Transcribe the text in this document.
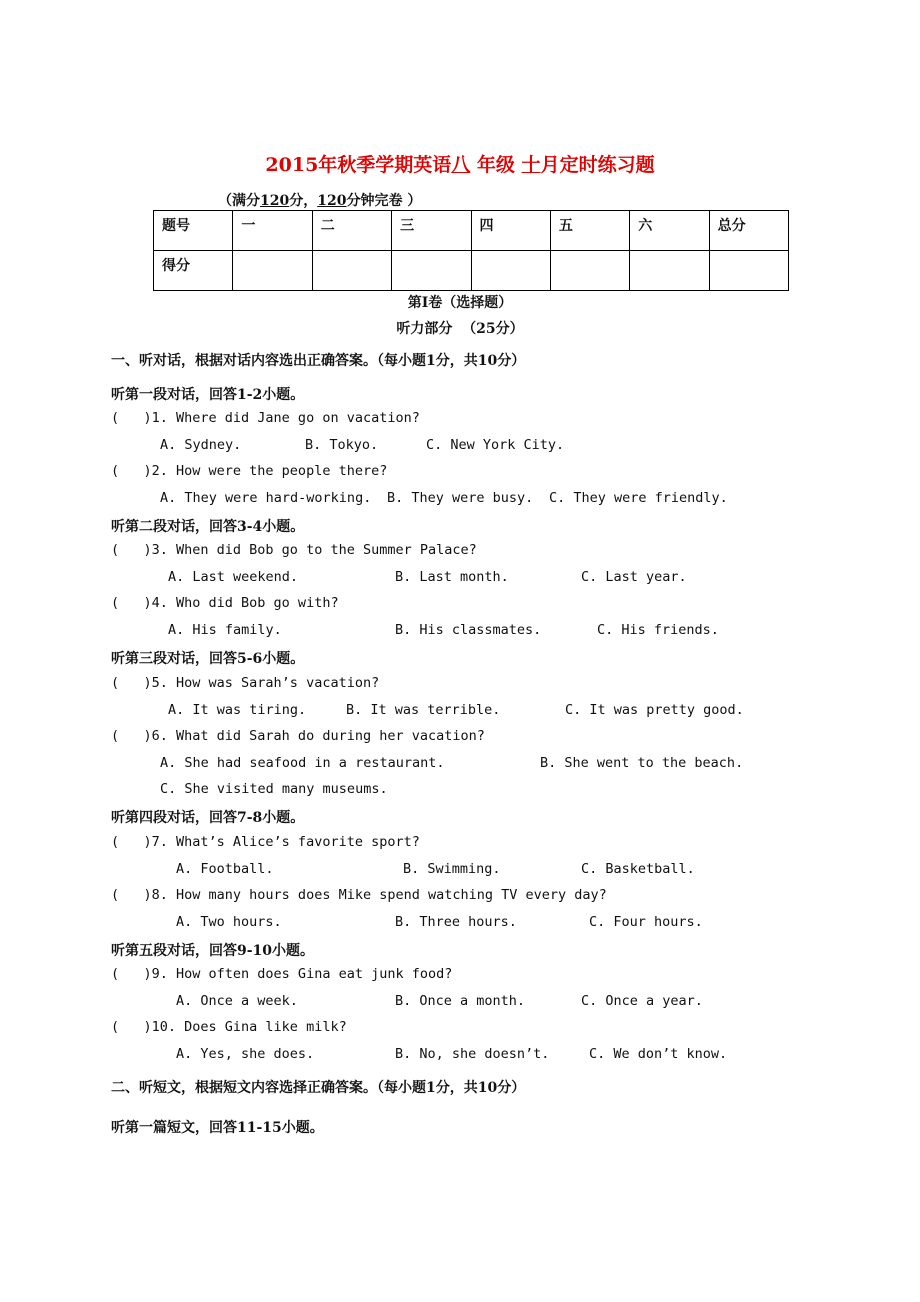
2015年秋季学期英语八 年级 十月定时练习题
（满分120分，120分钟完卷 ）
题号	一	二	三	四	五	六	总分
得分							
第Ⅰ卷（选择题）
听力部分  （25分）
一、听对话，根据对话内容选出正确答案。（每小题1分，共10分）
听第一段对话，回答1-2小题。
(   )1. Where did Jane go on vacation?
A. Sydney.	B. Tokyo.	C. New York City.
(   )2. How were the people there?
A. They were hard-working. B. They were busy. C. They were friendly.
听第二段对话，回答3-4小题。
(   )3. When did Bob go to the Summer Palace?
A. Last weekend.	B. Last month.	C. Last year.
(   )4. Who did Bob go with?
A. His family.	B. His classmates.	C. His friends.
听第三段对话，回答5-6小题。
(   )5. How was Sarah’s vacation?
A. It was tiring.	B. It was terrible.	C. It was pretty good.
(   )6. What did Sarah do during her vacation?
A. She had seafood in a restaurant.	B. She went to the beach.
C. She visited many museums.
听第四段对话，回答7-8小题。
(   )7. What’s Alice’s favorite sport?
A. Football.	B. Swimming.	C. Basketball.
(   )8. How many hours does Mike spend watching TV every day?
A. Two hours.	B. Three hours.	C. Four hours.
听第五段对话，回答9-10小题。
(   )9. How often does Gina eat junk food?
A. Once a week.	B. Once a month.	C. Once a year.
(   )10. Does Gina like milk?
A. Yes, she does.	B. No, she doesn’t.	C. We don’t know.
二、听短文，根据短文内容选择正确答案。（每小题1分，共10分）
听第一篇短文，回答11-15小题。
